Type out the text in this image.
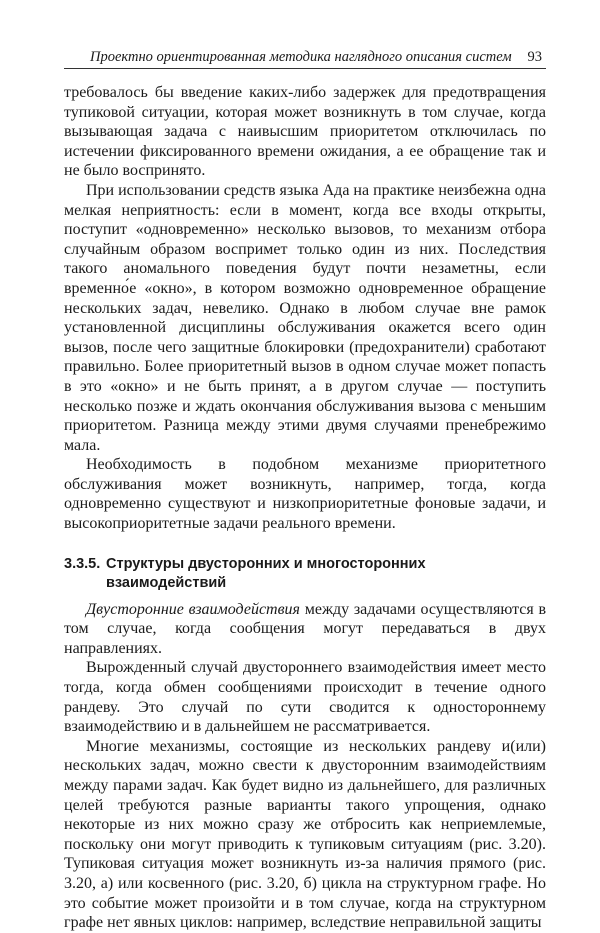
Проектно ориентированная методика наглядного описания систем 93

требовалось бы введение каких-либо задержек для предотвращения тупиковой ситуации, которая может возникнуть в том случае, когда вызывающая задача с наивысшим приоритетом отключилась по истечении фиксированного времени ожидания, а ее обращение так и не было воспринято.

При использовании средств языка Ада на практике неизбежна одна мелкая неприятность: если в момент, когда все входы открыты, поступит «одновременно» несколько вызовов, то механизм отбора случайным образом воспримет только один из них. Последствия такого аномального поведения будут почти незаметны, если временно́е «окно», в котором возможно одновременное обращение нескольких задач, невелико. Однако в любом случае вне рамок установленной дисциплины обслуживания окажется всего один вызов, после чего защитные блокировки (предохранители) сработают правильно. Более приоритетный вызов в одном случае может попасть в это «окно» и не быть принят, а в другом случае — поступить несколько позже и ждать окончания обслуживания вызова с меньшим приоритетом. Разница между этими двумя случаями пренебрежимо мала.

Необходимость в подобном механизме приоритетного обслуживания может возникнуть, например, тогда, когда одновременно существуют и низкоприоритетные фоновые задачи, и высокоприоритетные задачи реального времени.

3.3.5. Структуры двусторонних и многосторонних взаимодействий

Двусторонние взаимодействия между задачами осуществляются в том случае, когда сообщения могут передаваться в двух направлениях.

Вырожденный случай двустороннего взаимодействия имеет место тогда, когда обмен сообщениями происходит в течение одного рандеву. Это случай по сути сводится к одностороннему взаимодействию и в дальнейшем не рассматривается.

Многие механизмы, состоящие из нескольких рандеву и(или) нескольких задач, можно свести к двусторонним взаимодействиям между парами задач. Как будет видно из дальнейшего, для различных целей требуются разные варианты такого упрощения, однако некоторые из них можно сразу же отбросить как неприемлемые, поскольку они могут приводить к тупиковым ситуациям (рис. 3.20). Тупиковая ситуация может возникнуть из-за наличия прямого (рис. 3.20, а) или косвенного (рис. 3.20, б) цикла на структурном графе. Но это событие может произойти и в том случае, когда на структурном графе нет явных циклов: например, вследствие неправильной защиты
